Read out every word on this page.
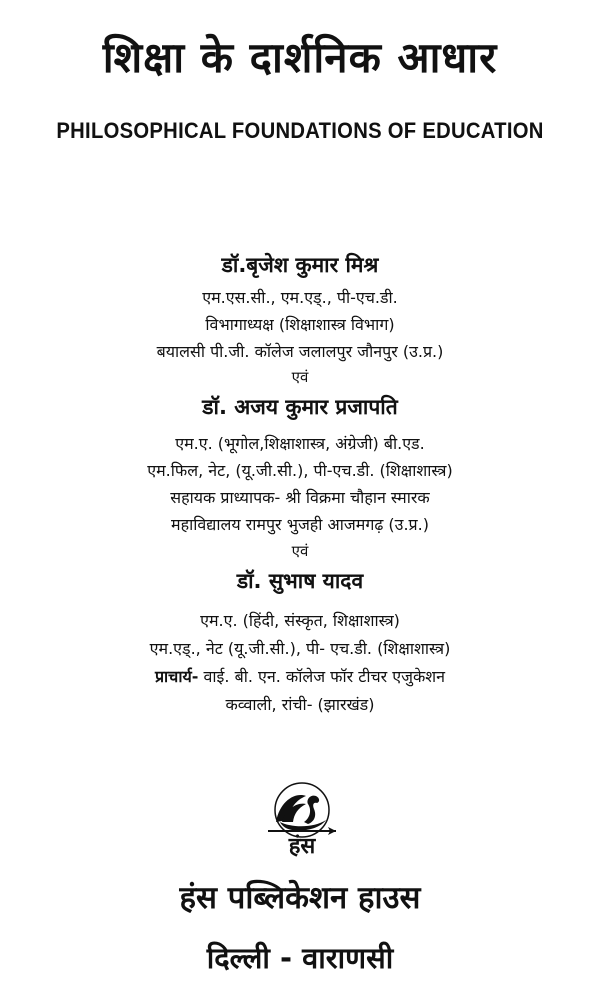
शिक्षा के दार्शनिक आधार
PHILOSOPHICAL FOUNDATIONS OF EDUCATION
डॉ.बृजेश कुमार मिश्र
एम.एस.सी., एम.एड्., पी-एच.डी.
विभागाध्यक्ष (शिक्षाशास्त्र विभाग)
बयालसी पी.जी. कॉलेज जलालपुर जौनपुर (उ.प्र.)
एवं
डॉ. अजय कुमार प्रजापति
एम.ए. (भूगोल,शिक्षाशास्त्र, अंग्रेजी) बी.एड.
एम.फिल, नेट, (यू.जी.सी.), पी-एच.डी. (शिक्षाशास्त्र)
सहायक प्राध्यापक- श्री विक्रमा चौहान स्मारक
महाविद्यालय रामपुर भुजही आजमगढ़ (उ.प्र.)
एवं
डॉ. सुभाष यादव
एम.ए. (हिंदी, संस्कृत, शिक्षाशास्त्र)
एम.एड्., नेट (यू.जी.सी.), पी- एच.डी. (शिक्षाशास्त्र)
प्राचार्य- वाई. बी. एन. कॉलेज फॉर टीचर एजुकेशन
कव्वाली, रांची- (झारखंड)
हंस
हंस पब्लिकेशन हाउस
दिल्ली - वाराणसी
